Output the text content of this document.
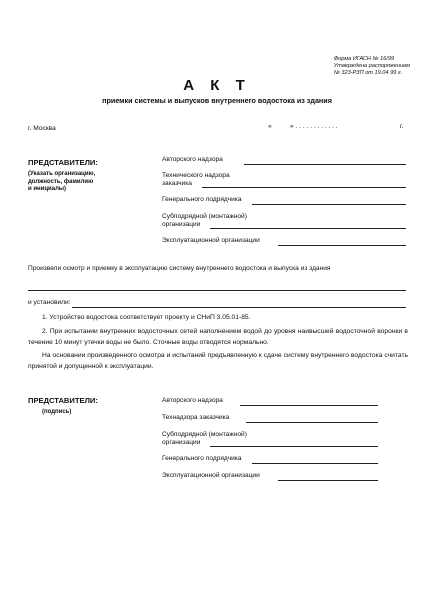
Форма ИГАСН № 16/99
Утверждена распоряжением
№ 323-РЗП от 19.04 99 г.
А К Т
приемки системы и выпусков внутреннего водостока из здания
г. Москва	«	» . . . . . . . . . . . .	г.
ПРЕДСТАВИТЕЛИ:
(Указать организацию,
должность, фамилию
и инициалы)
Авторского надзора
Технического надзора
заказчика
Генерального подрядчика
Субподрядной (монтажной)
организации
Эксплуатационной организации
Произвели осмотр и приемку в эксплуатацию систему внутреннего водостока и выпуска из здания
и установили:
1. Устройство водостока соответствует проекту и СНиП 3.05.01-85.
2. При испытании внутренних водосточных сетей наполнением водой до уровня наивысшей водосточной воронки в течение 10 минут утечки воды не было. Сточные воды отводятся нормально.
На основании произведенного осмотра и испытаний предъявленную к сдаче систему внутреннего водостока считать принятой и допущенной к эксплуатации.
ПРЕДСТАВИТЕЛИ:
(подпись)
Авторского надзора
Технадзора заказчика
Субподрядной (монтажной)
организации
Генерального подрядчика
Эксплуатационной организации
